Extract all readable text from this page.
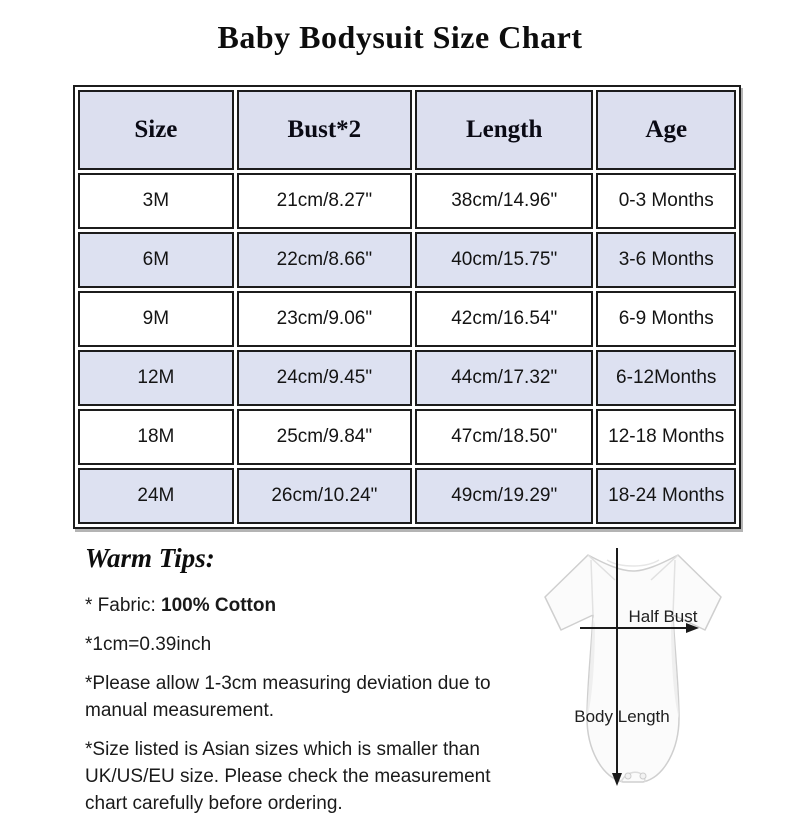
Baby Bodysuit Size Chart
Size	Bust*2	Length	Age
3M	21cm/8.27"	38cm/14.96"	0-3 Months
6M	22cm/8.66"	40cm/15.75"	3-6 Months
9M	23cm/9.06"	42cm/16.54"	6-9 Months
12M	24cm/9.45"	44cm/17.32"	6-12Months
18M	25cm/9.84"	47cm/18.50"	12-18 Months
24M	26cm/10.24"	49cm/19.29"	18-24 Months
Warm Tips:

* Fabric: 100% Cotton

*1cm=0.39inch

*Please allow 1-3cm measuring deviation due to
manual measurement.

*Size listed is Asian sizes which is smaller than
UK/US/EU size. Please check the measurement
chart carefully before ordering.

Half Bust
Body Length
